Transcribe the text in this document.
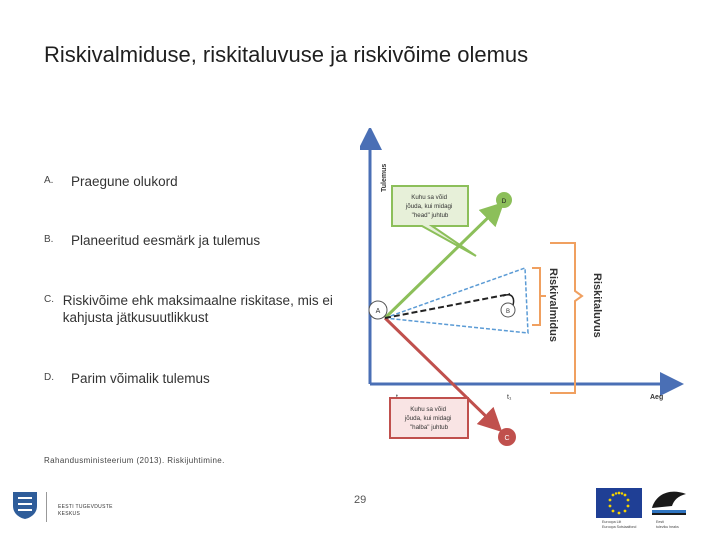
Riskivalmiduse, riskitaluvuse ja riskivõime olemus
A.	Praegune olukord
B.	Planeeritud eesmärk ja tulemus
C. Riskivõime ehk maksimaalne riskitase, mis ei kahjusta jätkusuutlikkust
D.	Parim võimalik tulemus
Rahandusministeerium (2013). Riskijuhtimine.
29
Tulemus
Aeg
t₁
Riskitaluvus
Riskivalmidus
Kuhu sa võid jõuda, kui midagi "head" juhtub
Kuhu sa võid jõuda, kui midagi "halba" juhtub
A	B
D
C
EESTI TUGEVDUSTE
KESKUS
Euroopa Liit
Euroopa Sotsiaalfond
Eesti
tuleviku heaks
